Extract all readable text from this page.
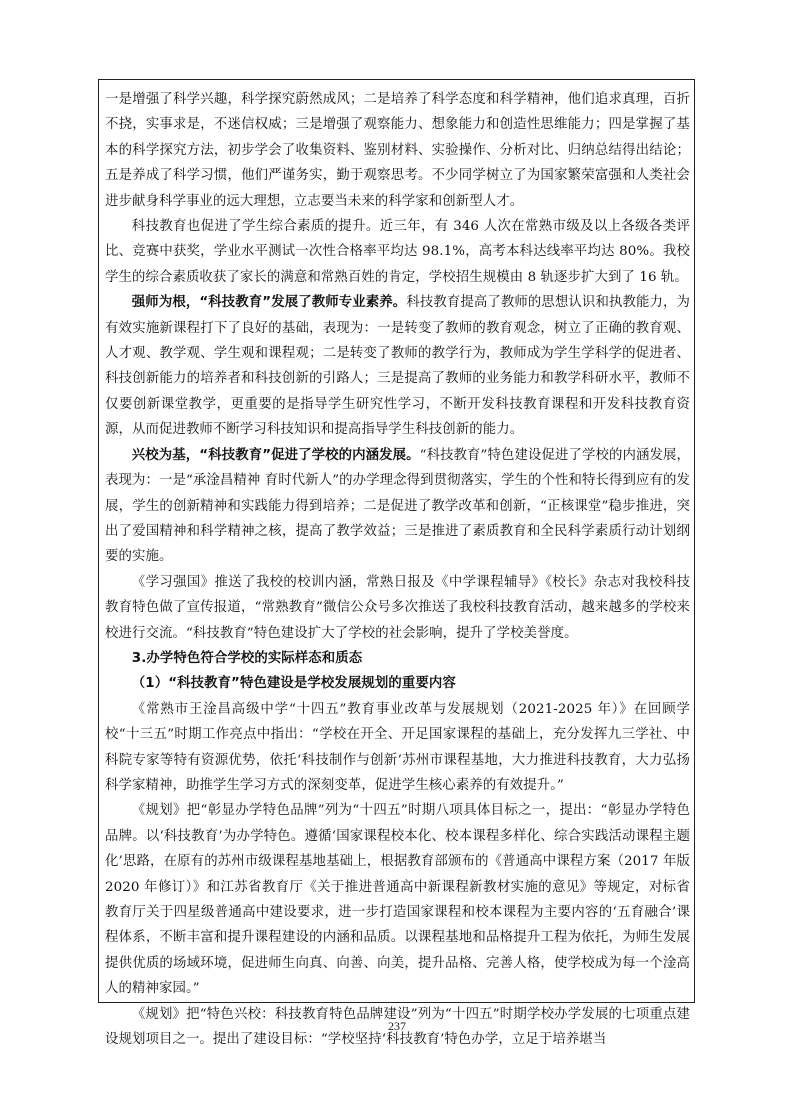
一是增强了科学兴趣，科学探究蔚然成风；二是培养了科学态度和科学精神，他们追求真理，百折不挠，实事求是，不迷信权威；三是增强了观察能力、想象能力和创造性思维能力；四是掌握了基本的科学探究方法，初步学会了收集资料、鉴别材料、实验操作、分析对比、归纳总结得出结论；五是养成了科学习惯，他们严谨务实，勤于观察思考。不少同学树立了为国家繁荣富强和人类社会进步献身科学事业的远大理想，立志要当未来的科学家和创新型人才。

科技教育也促进了学生综合素质的提升。近三年，有 346 人次在常熟市级及以上各级各类评比、竞赛中获奖，学业水平测试一次性合格率平均达 98.1%，高考本科达线率平均达 80%。我校学生的综合素质收获了家长的满意和常熟百姓的肯定，学校招生规模由 8 轨逐步扩大到了 16 轨。

强师为根，“科技教育”发展了教师专业素养。科技教育提高了教师的思想认识和执教能力，为有效实施新课程打下了良好的基础，表现为：一是转变了教师的教育观念，树立了正确的教育观、人才观、教学观、学生观和课程观；二是转变了教师的教学行为，教师成为学生学科学的促进者、科技创新能力的培养者和科技创新的引路人；三是提高了教师的业务能力和教学科研水平，教师不仅要创新课堂教学，更重要的是指导学生研究性学习，不断开发科技教育课程和开发科技教育资源，从而促进教师不断学习科技知识和提高指导学生科技创新的能力。

兴校为基，“科技教育”促进了学校的内涵发展。“科技教育”特色建设促进了学校的内涵发展，表现为：一是“承淦昌精神 育时代新人”的办学理念得到贯彻落实，学生的个性和特长得到应有的发展，学生的创新精神和实践能力得到培养；二是促进了教学改革和创新，“正核课堂”稳步推进，突出了爱国精神和科学精神之核，提高了教学效益；三是推进了素质教育和全民科学素质行动计划纲要的实施。

《学习强国》推送了我校的校训内涵，常熟日报及《中学课程辅导》《校长》杂志对我校科技教育特色做了宣传报道，“常熟教育”微信公众号多次推送了我校科技教育活动，越来越多的学校来校进行交流。“科技教育”特色建设扩大了学校的社会影响，提升了学校美誉度。

3.办学特色符合学校的实际样态和质态

（1）“科技教育”特色建设是学校发展规划的重要内容

《常熟市王淦昌高级中学“十四五”教育事业改革与发展规划（2021-2025 年）》在回顾学校“十三五”时期工作亮点中指出：“学校在开全、开足国家课程的基础上，充分发挥九三学社、中科院专家等特有资源优势，依托‘科技制作与创新’苏州市课程基地，大力推进科技教育，大力弘扬科学家精神，助推学生学习方式的深刻变革，促进学生核心素养的有效提升。”

《规划》把“彰显办学特色品牌”列为“十四五”时期八项具体目标之一，提出：“彰显办学特色品牌。以‘科技教育’为办学特色。遵循‘国家课程校本化、校本课程多样化、综合实践活动课程主题化’思路，在原有的苏州市级课程基地基础上，根据教育部颁布的《普通高中课程方案（2017 年版 2020 年修订）》和江苏省教育厅《关于推进普通高中新课程新教材实施的意见》等规定，对标省教育厅关于四星级普通高中建设要求，进一步打造国家课程和校本课程为主要内容的‘五育融合’课程体系，不断丰富和提升课程建设的内涵和品质。以课程基地和品格提升工程为依托，为师生发展提供优质的场域环境，促进师生向真、向善、向美，提升品格、完善人格，使学校成为每一个淦高人的精神家园。”

《规划》把“特色兴校：科技教育特色品牌建设”列为“十四五”时期学校办学发展的七项重点建设规划项目之一。提出了建设目标：“学校坚持‘科技教育’特色办学，立足于培养堪当

237
